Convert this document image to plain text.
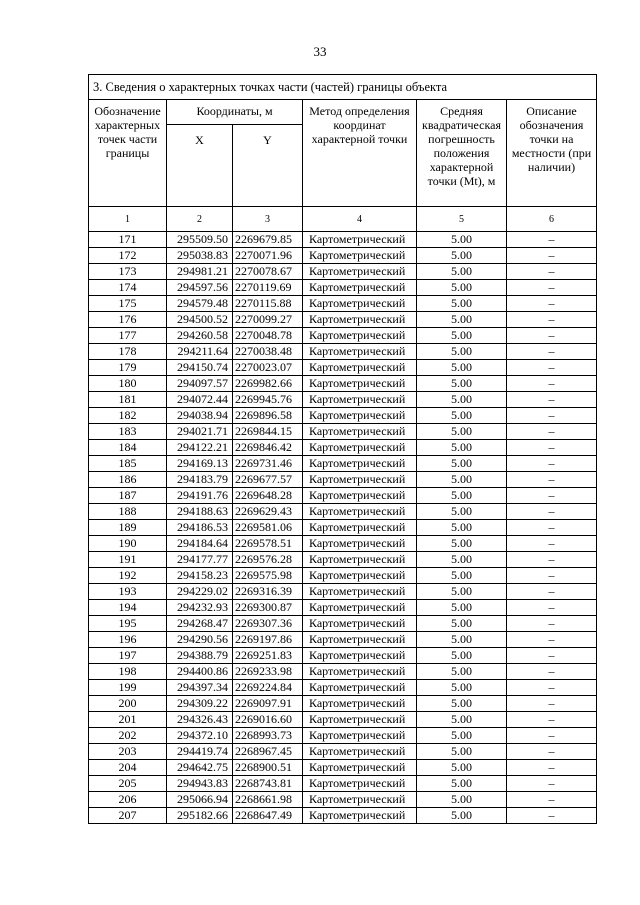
33
3. Сведения о характерных точках части (частей) границы объекта					
Обозначение характерных точек части границы	Координаты, м		Метод определения координат характерной точки	Средняя квадратическая погрешность положения характерной точки (Mt), м	Описание обозначения точки на местности (при наличии)
	X	Y			
1	2	3	4	5	6
171	295509.50	2269679.85	Картометрический	5.00	–
172	295038.83	2270071.96	Картометрический	5.00	–
173	294981.21	2270078.67	Картометрический	5.00	–
174	294597.56	2270119.69	Картометрический	5.00	–
175	294579.48	2270115.88	Картометрический	5.00	–
176	294500.52	2270099.27	Картометрический	5.00	–
177	294260.58	2270048.78	Картометрический	5.00	–
178	294211.64	2270038.48	Картометрический	5.00	–
179	294150.74	2270023.07	Картометрический	5.00	–
180	294097.57	2269982.66	Картометрический	5.00	–
181	294072.44	2269945.76	Картометрический	5.00	–
182	294038.94	2269896.58	Картометрический	5.00	–
183	294021.71	2269844.15	Картометрический	5.00	–
184	294122.21	2269846.42	Картометрический	5.00	–
185	294169.13	2269731.46	Картометрический	5.00	–
186	294183.79	2269677.57	Картометрический	5.00	–
187	294191.76	2269648.28	Картометрический	5.00	–
188	294188.63	2269629.43	Картометрический	5.00	–
189	294186.53	2269581.06	Картометрический	5.00	–
190	294184.64	2269578.51	Картометрический	5.00	–
191	294177.77	2269576.28	Картометрический	5.00	–
192	294158.23	2269575.98	Картометрический	5.00	–
193	294229.02	2269316.39	Картометрический	5.00	–
194	294232.93	2269300.87	Картометрический	5.00	–
195	294268.47	2269307.36	Картометрический	5.00	–
196	294290.56	2269197.86	Картометрический	5.00	–
197	294388.79	2269251.83	Картометрический	5.00	–
198	294400.86	2269233.98	Картометрический	5.00	–
199	294397.34	2269224.84	Картометрический	5.00	–
200	294309.22	2269097.91	Картометрический	5.00	–
201	294326.43	2269016.60	Картометрический	5.00	–
202	294372.10	2268993.73	Картометрический	5.00	–
203	294419.74	2268967.45	Картометрический	5.00	–
204	294642.75	2268900.51	Картометрический	5.00	–
205	294943.83	2268743.81	Картометрический	5.00	–
206	295066.94	2268661.98	Картометрический	5.00	–
207	295182.66	2268647.49	Картометрический	5.00	–
